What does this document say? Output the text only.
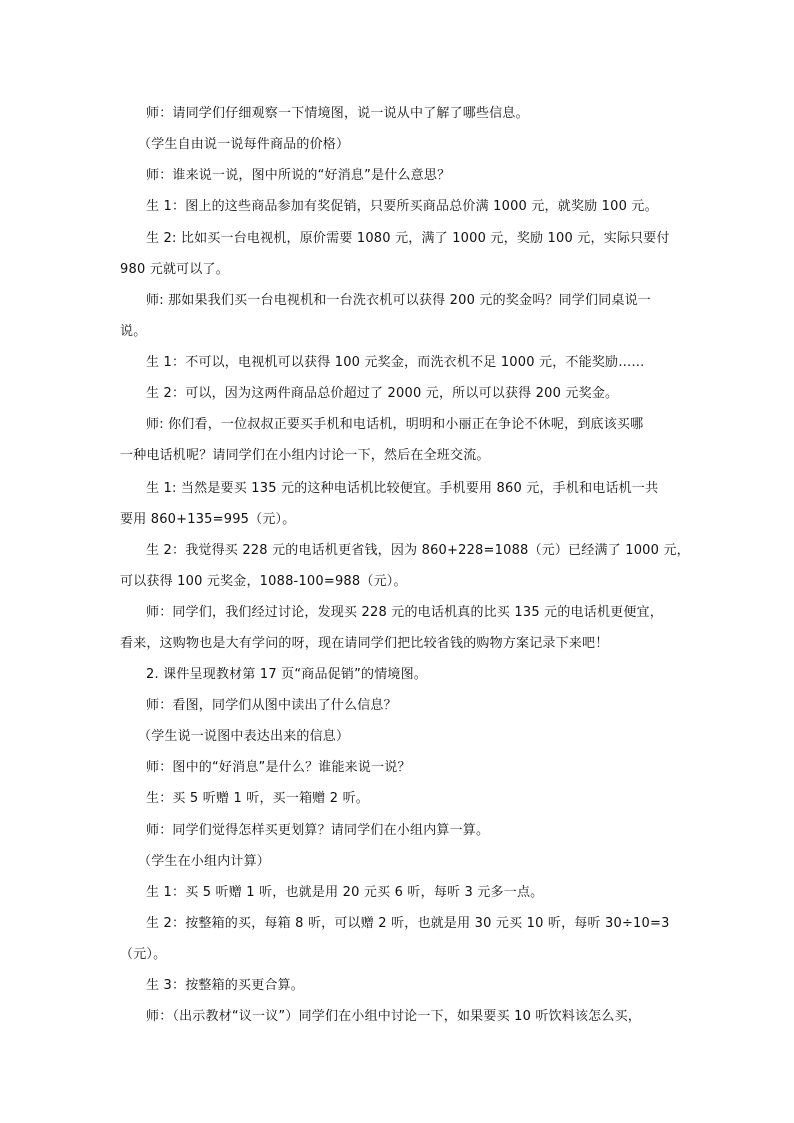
师：请同学们仔细观察一下情境图，说一说从中了解了哪些信息。

（学生自由说一说每件商品的价格）

师：谁来说一说，图中所说的“好消息”是什么意思？

生 1：图上的这些商品参加有奖促销，只要所买商品总价满 1000 元，就奖励 100 元。

生 2: 比如买一台电视机，原价需要 1080 元，满了 1000 元，奖励 100 元，实际只要付
980 元就可以了。

师: 那如果我们买一台电视机和一台洗衣机可以获得 200 元的奖金吗？同学们同桌说一
说。

生 1：不可以，电视机可以获得 100 元奖金，而洗衣机不足 1000 元，不能奖励……

生 2：可以，因为这两件商品总价超过了 2000 元，所以可以获得 200 元奖金。

师: 你们看，一位叔叔正要买手机和电话机，明明和小丽正在争论不休呢，到底该买哪
一种电话机呢？请同学们在小组内讨论一下，然后在全班交流。

生 1: 当然是要买 135 元的这种电话机比较便宜。手机要用 860 元，手机和电话机一共
要用 860+135=995（元）。

生 2：我觉得买 228 元的电话机更省钱，因为 860+228=1088（元）已经满了 1000 元，
可以获得 100 元奖金，1088-100=988（元）。

师：同学们，我们经过讨论，发现买 228 元的电话机真的比买 135 元的电话机更便宜，
看来，这购物也是大有学问的呀，现在请同学们把比较省钱的购物方案记录下来吧！

2. 课件呈现教材第 17 页“商品促销”的情境图。

师：看图，同学们从图中读出了什么信息？

（学生说一说图中表达出来的信息）

师：图中的“好消息”是什么？谁能来说一说？

生：买 5 听赠 1 听，买一箱赠 2 听。

师：同学们觉得怎样买更划算？请同学们在小组内算一算。

（学生在小组内计算）

生 1：买 5 听赠 1 听，也就是用 20 元买 6 听，每听 3 元多一点。

生 2：按整箱的买，每箱 8 听，可以赠 2 听，也就是用 30 元买 10 听，每听 30÷10=3
（元）。

生 3：按整箱的买更合算。

师：（出示教材“议一议”）同学们在小组中讨论一下，如果要买 10 听饮料该怎么买，
